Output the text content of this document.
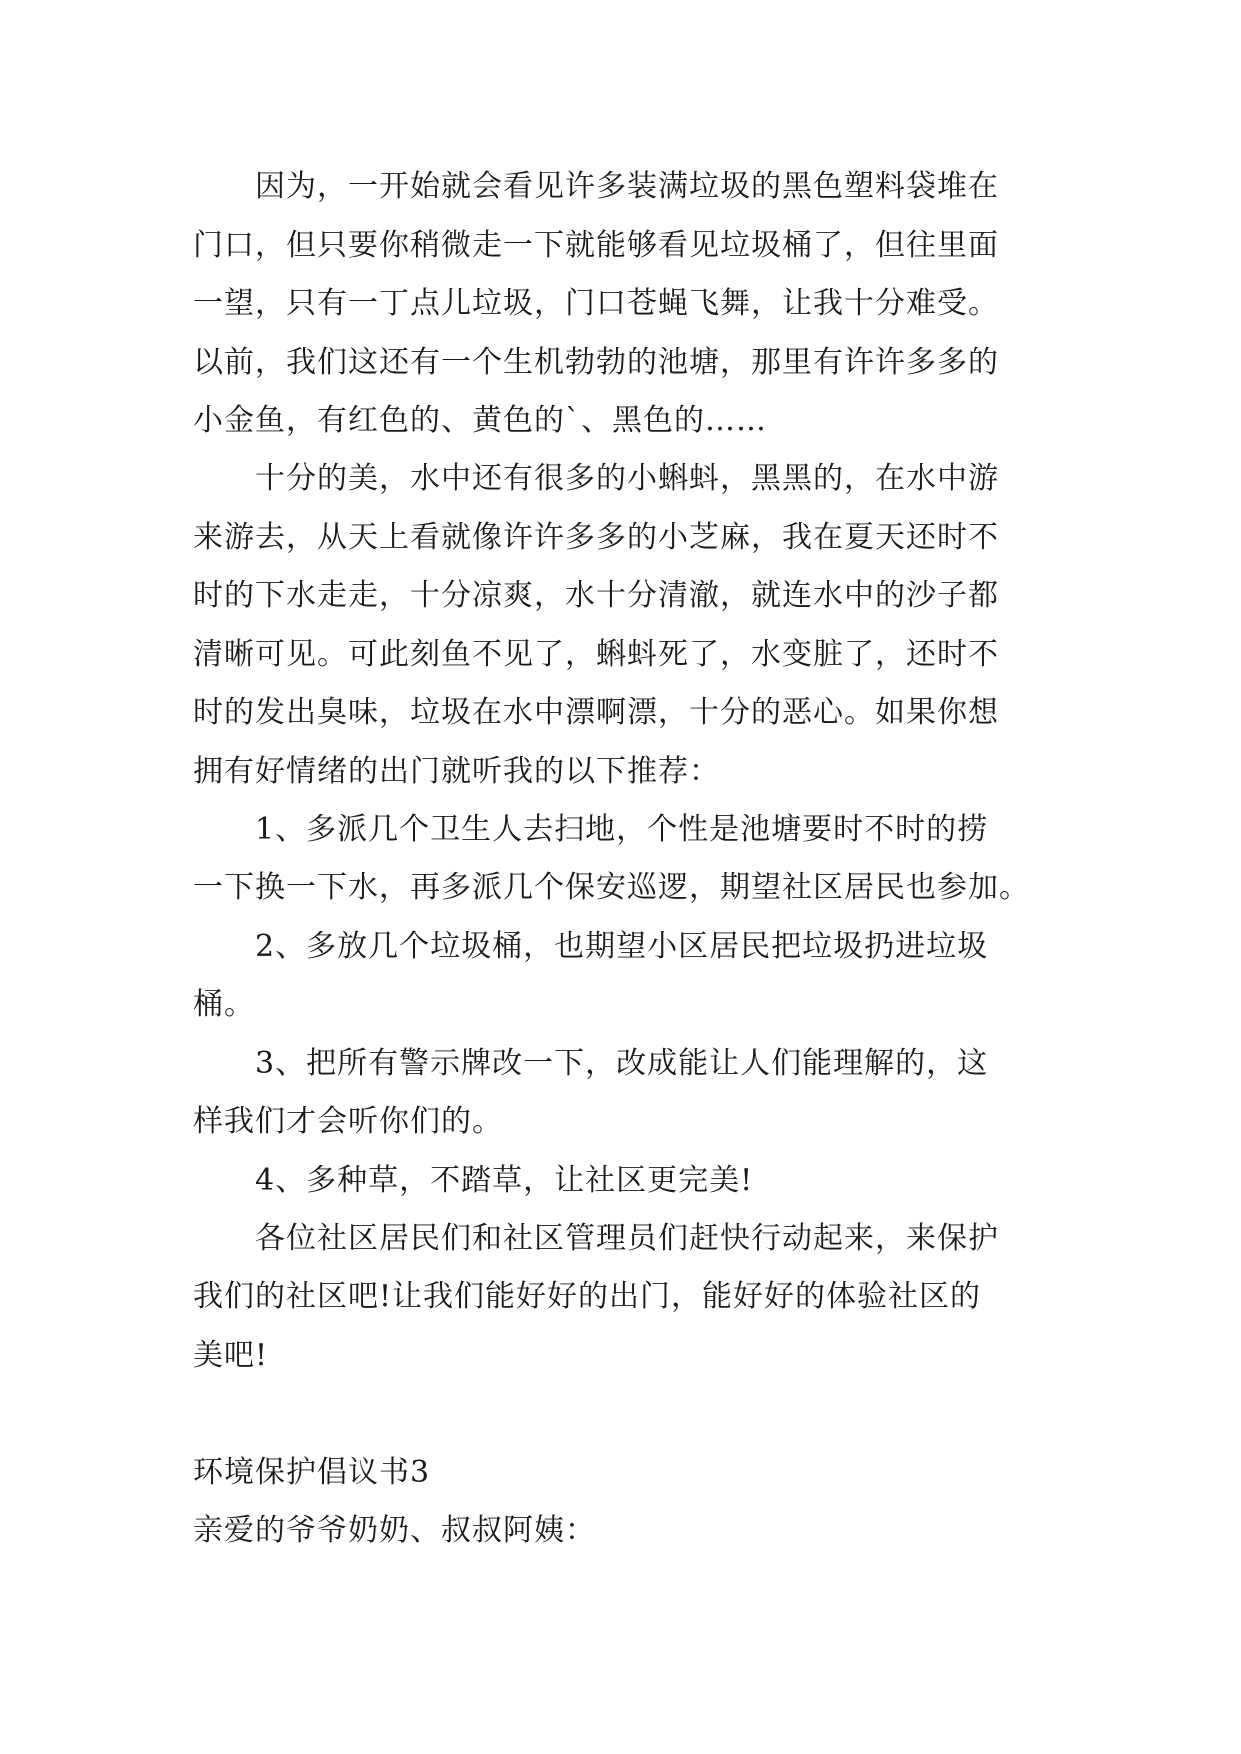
因为，一开始就会看见许多装满垃圾的黑色塑料袋堆在
门口，但只要你稍微走一下就能够看见垃圾桶了，但往里面
一望，只有一丁点儿垃圾，门口苍蝇飞舞，让我十分难受。
以前，我们这还有一个生机勃勃的池塘，那里有许许多多的
小金鱼，有红色的、黄色的`、黑色的……
十分的美，水中还有很多的小蝌蚪，黑黑的，在水中游
来游去，从天上看就像许许多多的小芝麻，我在夏天还时不
时的下水走走，十分凉爽，水十分清澈，就连水中的沙子都
清晰可见。可此刻鱼不见了，蝌蚪死了，水变脏了，还时不
时的发出臭味，垃圾在水中漂啊漂，十分的恶心。如果你想
拥有好情绪的出门就听我的以下推荐：
1、多派几个卫生人去扫地，个性是池塘要时不时的捞
一下换一下水，再多派几个保安巡逻，期望社区居民也参加。
2、多放几个垃圾桶，也期望小区居民把垃圾扔进垃圾
桶。
3、把所有警示牌改一下，改成能让人们能理解的，这
样我们才会听你们的。
4、多种草，不踏草，让社区更完美!
各位社区居民们和社区管理员们赶快行动起来，来保护
我们的社区吧!让我们能好好的出门，能好好的体验社区的
美吧!
环境保护倡议书3
亲爱的爷爷奶奶、叔叔阿姨：
